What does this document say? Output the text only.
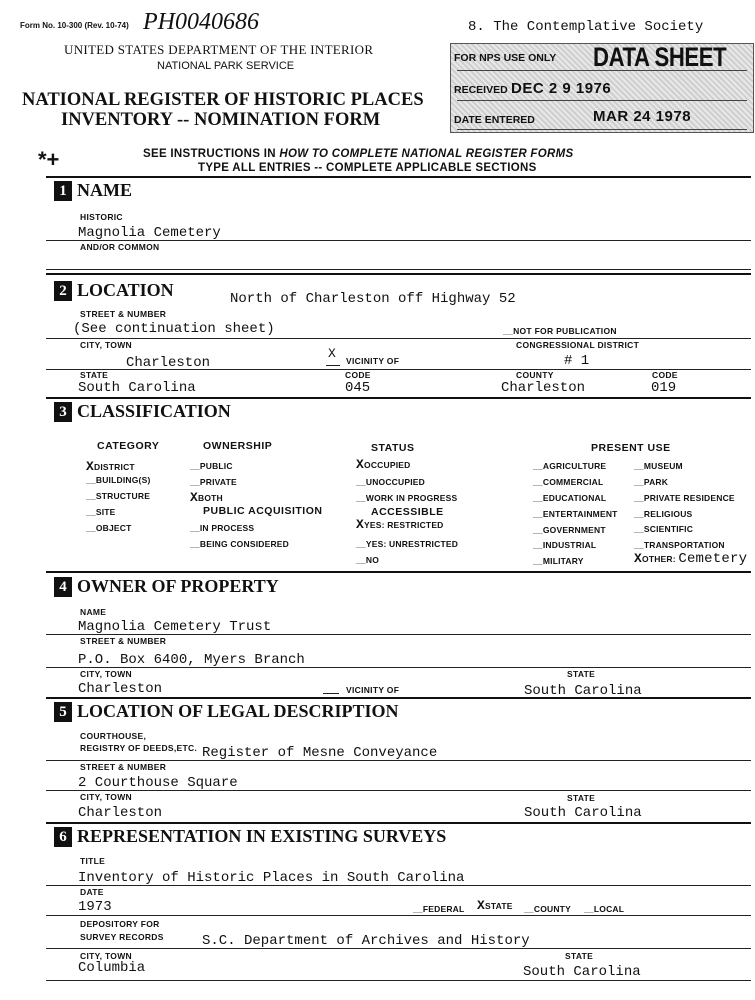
Form No. 10-300 (Rev. 10-74) PH0040686	8. The Contemplative Society
UNITED STATES DEPARTMENT OF THE INTERIOR
NATIONAL PARK SERVICE
NATIONAL REGISTER OF HISTORIC PLACES
INVENTORY -- NOMINATION FORM
FOR NPS USE ONLY DATA SHEET
RECEIVED DEC 2 9 1976
DATE ENTERED	MAR 24 1978
*+	SEE INSTRUCTIONS IN HOW TO COMPLETE NATIONAL REGISTER FORMS
TYPE ALL ENTRIES -- COMPLETE APPLICABLE SECTIONS
1 NAME
HISTORIC
Magnolia Cemetery
AND/OR COMMON
2 LOCATION	North of Charleston off Highway 52
STREET & NUMBER
(See continuation sheet)	__NOT FOR PUBLICATION
CITY, TOWN	CONGRESSIONAL DISTRICT
Charleston
X VICINITY OF	# 1
STATE	CODE	COUNTY	CODE
South Carolina	045	Charleston	019
3 CLASSIFICATION
CATEGORY	OWNERSHIP	STATUS	PRESENT USE
XDISTRICT
__BUILDING(S)
__STRUCTURE
__SITE
__OBJECT
__PUBLIC
__PRIVATE
XBOTH
PUBLIC ACQUISITION
__IN PROCESS
__BEING CONSIDERED
XOCCUPIED
__UNOCCUPIED
__WORK IN PROGRESS
ACCESSIBLE
XYES: RESTRICTED
__YES: UNRESTRICTED
__NO
__AGRICULTURE
__COMMERCIAL
__EDUCATIONAL
__ENTERTAINMENT
__GOVERNMENT
__INDUSTRIAL
__MILITARY
__MUSEUM
__PARK
__PRIVATE RESIDENCE
__RELIGIOUS
__SCIENTIFIC
__TRANSPORTATION
XOTHER: Cemetery
4 OWNER OF PROPERTY
NAME
Magnolia Cemetery Trust
STREET & NUMBER
P.O. Box 6400, Myers Branch
CITY, TOWN	STATE
Charleston	VICINITY OF	South Carolina
5 LOCATION OF LEGAL DESCRIPTION
COURTHOUSE,
REGISTRY OF DEEDS,ETC. Register of Mesne Conveyance
STREET & NUMBER
2 Courthouse Square
CITY, TOWN	STATE
Charleston	South Carolina
6 REPRESENTATION IN EXISTING SURVEYS
TITLE
Inventory of Historic Places in South Carolina
DATE
1973	__FEDERAL XSTATE __COUNTY __LOCAL
DEPOSITORY FOR
SURVEY RECORDS	S.C. Department of Archives and History
CITY, TOWN	STATE
Columbia	South Carolina
